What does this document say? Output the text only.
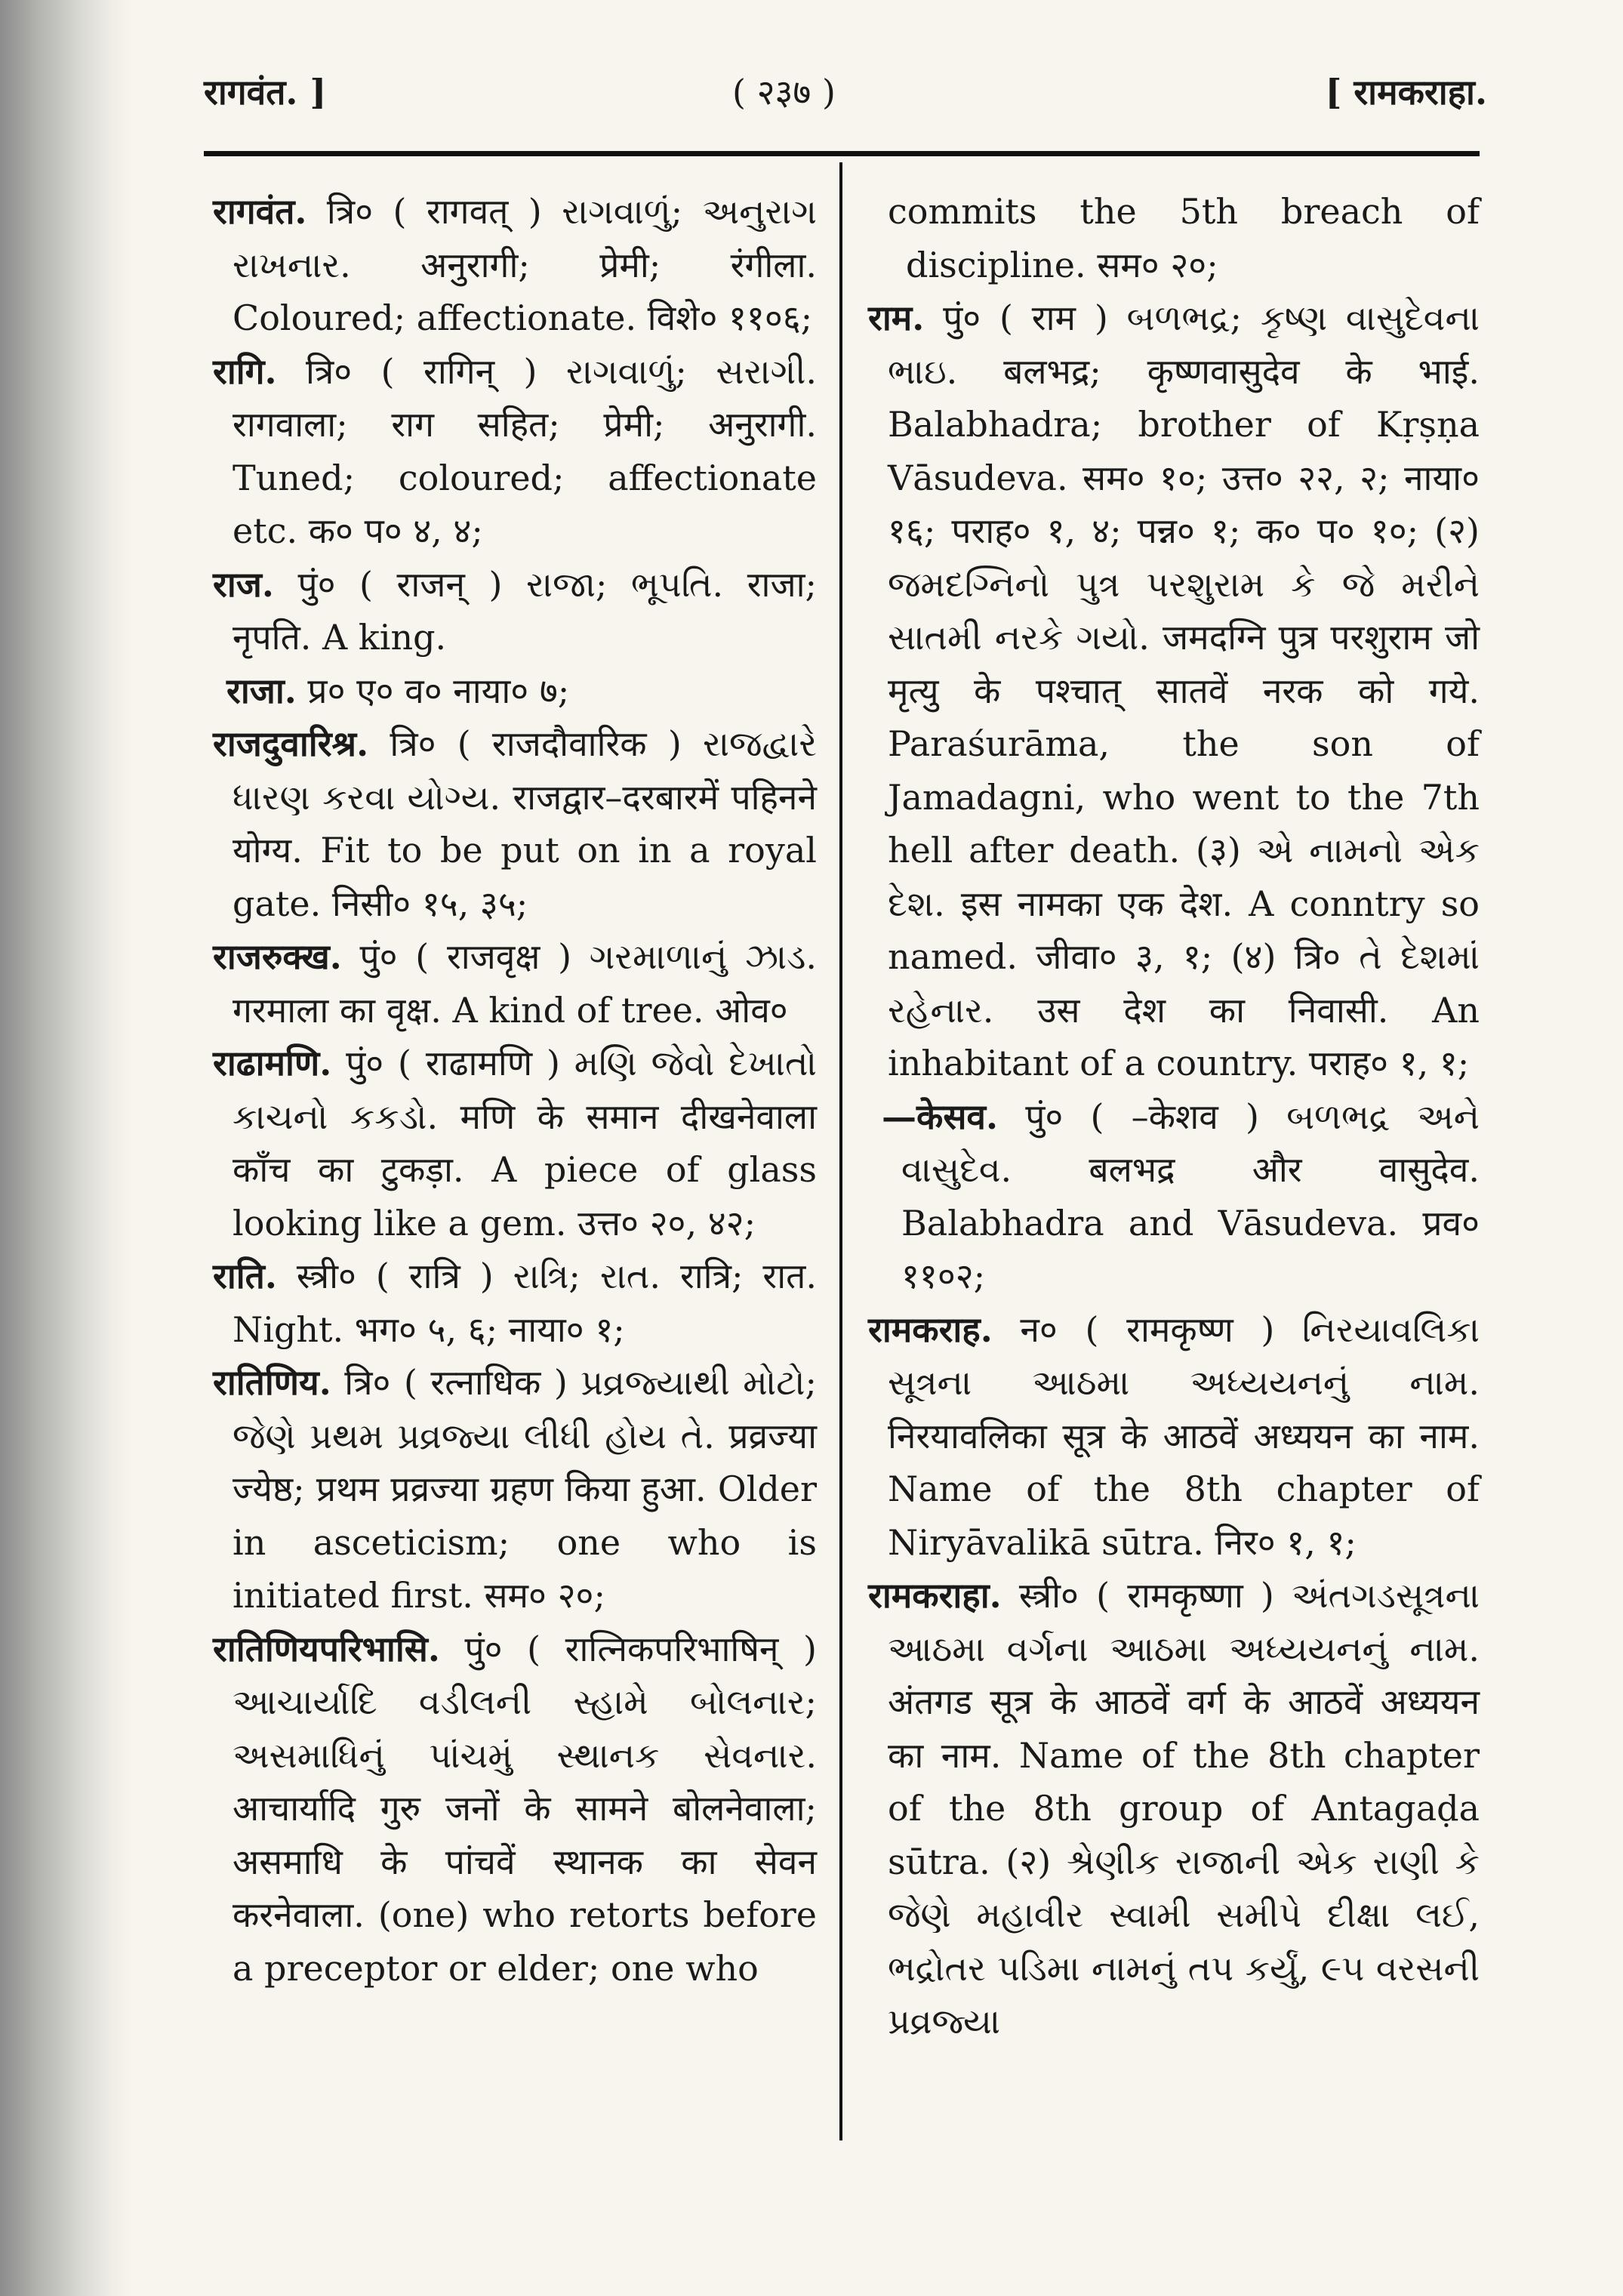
रागवंत. ]	( २३७ )	[ रामकराहा.

रागवंत. त्रि० ( रागवत् ) રાગવાળું; અનુરાગ રાખનાર. अनुरागी; प्रेमी; रंगीला. Coloured; affectionate. विशे० ११०६;

रागि. त्रि० ( रागिन् ) રાગવાળું; સરાગી. रागवाला; राग सहित; प्रेमी; अनुरागी. Tuned; coloured; affectionate etc. क० प० ४, ४;

राज. पुं० ( राजन् ) રાજા; ભૂપતિ. राजा; नृपति. A king.

राजा. प्र० ए० व० नाया० ७;

राजदुवारिश्र. त्रि० ( राजदौवारिक ) રાજદ્વારે ધારણ કરવા યોગ્ય. राजद्वार–दरबारमें पहिनने योग्य. Fit to be put on in a royal gate. निसी० १५, ३५;

राजरुक्ख. पुं० ( राजवृक्ष ) ગરમાળાનું ઝાડ. गरमाला का वृक्ष. A kind of tree. ओव०

राढामणि. पुं० ( राढामणि ) મણિ જેવો દેખાતો કાચનો કકડો. मणि के समान दीखनेवाला काँच का टुकड़ा. A piece of glass looking like a gem. उत्त० २०, ४२;

राति. स्त्री० ( रात्रि ) રાત્રિ; રાત. रात्रि; रात. Night. भग० ५, ६; नाया० १;

रातिणिय. त्रि० ( रत्नाधिक ) પ્રવ્રજ્યાથી મોટો; જેણે પ્રથમ પ્રવ્રજ્યા લીધી હોય તે. प्रव्रज्या ज्येष्ठ; प्रथम प्रव्रज्या ग्रहण किया हुआ. Older in asceticism; one who is initiated first. सम० २०;

रातिणियपरिभासि. पुं० ( रात्निकपरिभाषिन् ) આચાર્યાદિ વડીલની સ્હામે બોલનાર; અસમાધિનું પાંચમું સ્થાનક સેવનાર. आचार्यादि गुरु जनों के सामने बोलनेवाला; असमाधि के पांचवें स्थानक का सेवन करनेवाला. (one) who retorts before a preceptor or elder; one who

commits the 5th breach of discipline. सम० २०;

राम. पुं० ( राम ) બળભદ્ર; કૃષ્ણ વાસુદેવના ભાઇ. बलभद्र; कृष्णवासुदेव के भाई. Balabhadra; brother of Kṛṣṇa Vāsudeva. सम० १०; उत्त० २२, २; नाया० १६; पराह० १, ४; पन्न० १; क० प० १०; (२) જમદગ્નિનો પુત્ર પરશુરામ કે જે મરીને સાતમી નરકે ગયો. जमदग्नि पुत्र परशुराम जो मृत्यु के पश्चात् सातवें नरक को गये. Paraśurāma, the son of Jamadagni, who went to the 7th hell after death. (३) એ નામનો એક દેશ. इस नामका एक देश. A conntry so named. जीवा० ३, १; (४) त्रि० તે દેશમાં રહેનાર. उस देश का निवासी. An inhabitant of a country. पराह० १, १;

—केसव. पुं० ( –केशव ) બળભદ્ર અને વાસુદેવ. बलभद्र और वासुदेव. Balabhadra and Vāsudeva. प्रव० ११०२;

रामकराह. न० ( रामकृष्ण ) નિરયાવલિકા સૂત્રના આઠમા અધ્યયનનું નામ. निरयावलिका सूत्र के आठवें अध्ययन का नाम. Name of the 8th chapter of Niryāvalikā sūtra. निर० १, १;

रामकराहा. स्त्री० ( रामकृष्णा ) અંતગડસૂત્રના આઠમા વર્ગના આઠમા અધ્યયનનું નામ. अंतगड सूत्र के आठवें वर्ग के आठवें अध्ययन का नाम. Name of the 8th chapter of the 8th group of Antagaḍa sūtra. (२) શ્રેણીક રાજાની એક રાણી કે જેણે મહાવીર સ્વામી સમીપે દીક્ષા લઈ, ભદ્રોતર પડિમા નામનું તપ કર્યું, ૯૫ વરસની પ્રવ્રજ્યા
